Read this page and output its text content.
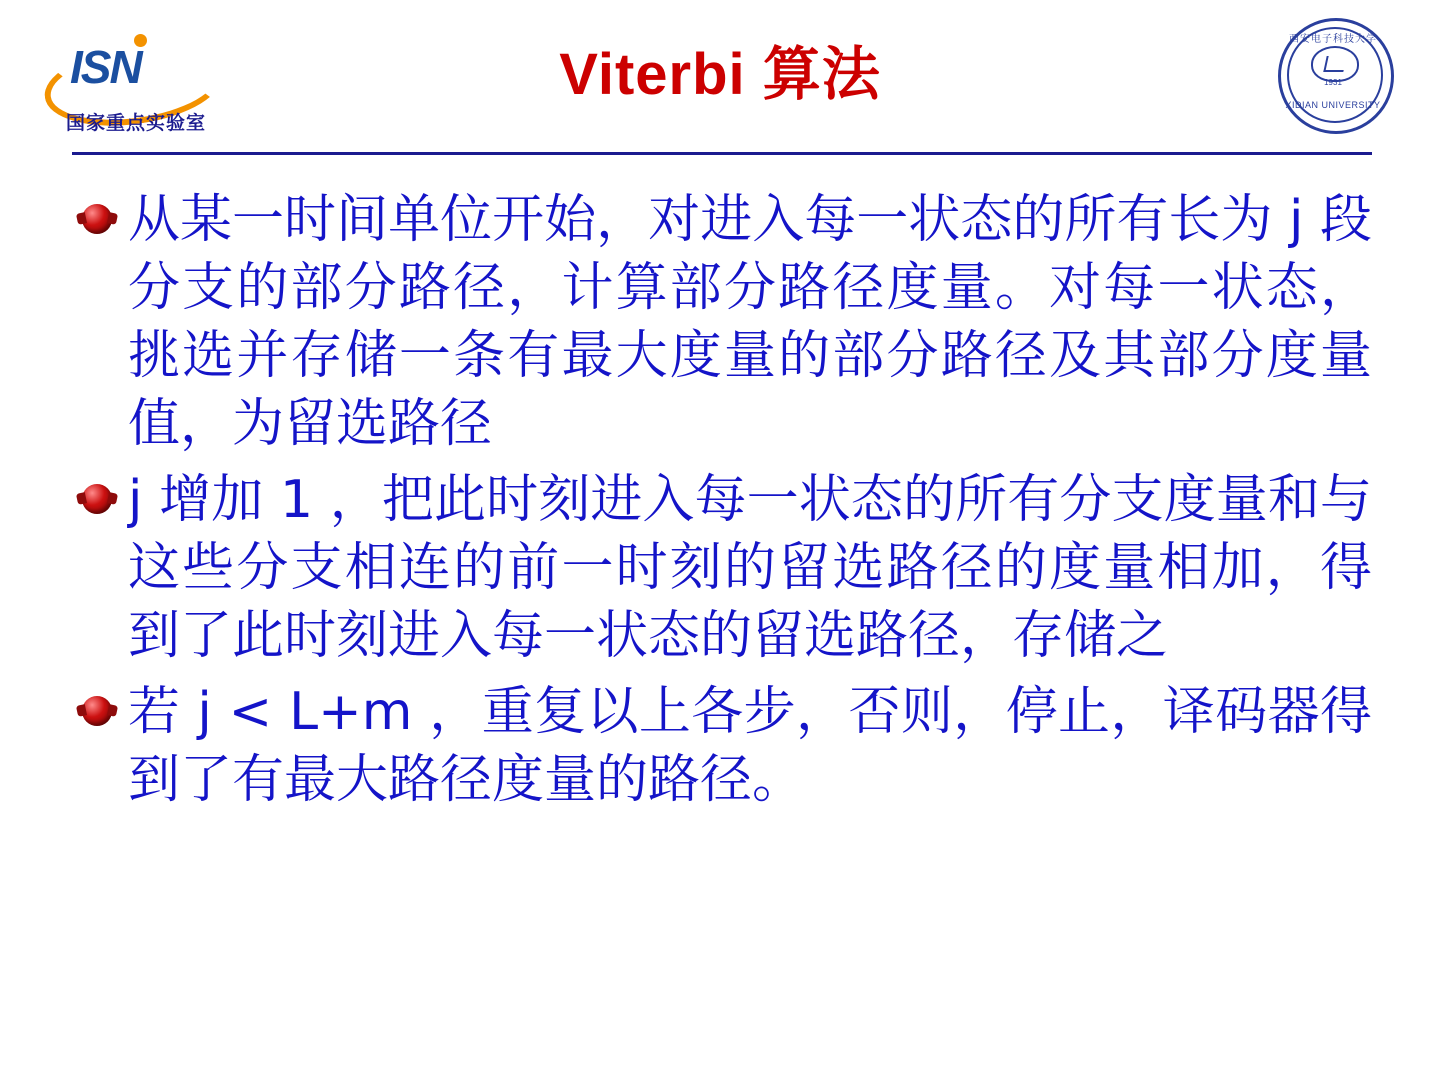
ISN
国家重点实验室
Viterbi 算法
西安电子科技大学
1931
XIDIAN UNIVERSITY
从某一时间单位开始，对进入每一状态的所有长为 j 段分支的部分路径，计算部分路径度量。对每一状态，挑选并存储一条有最大度量的部分路径及其部分度量值，为留选路径
j 增加 1 ，把此时刻进入每一状态的所有分支度量和与这些分支相连的前一时刻的留选路径的度量相加，得到了此时刻进入每一状态的留选路径，存储之
若 j < L+m ，重复以上各步，否则，停止，译码器得到了有最大路径度量的路径。
